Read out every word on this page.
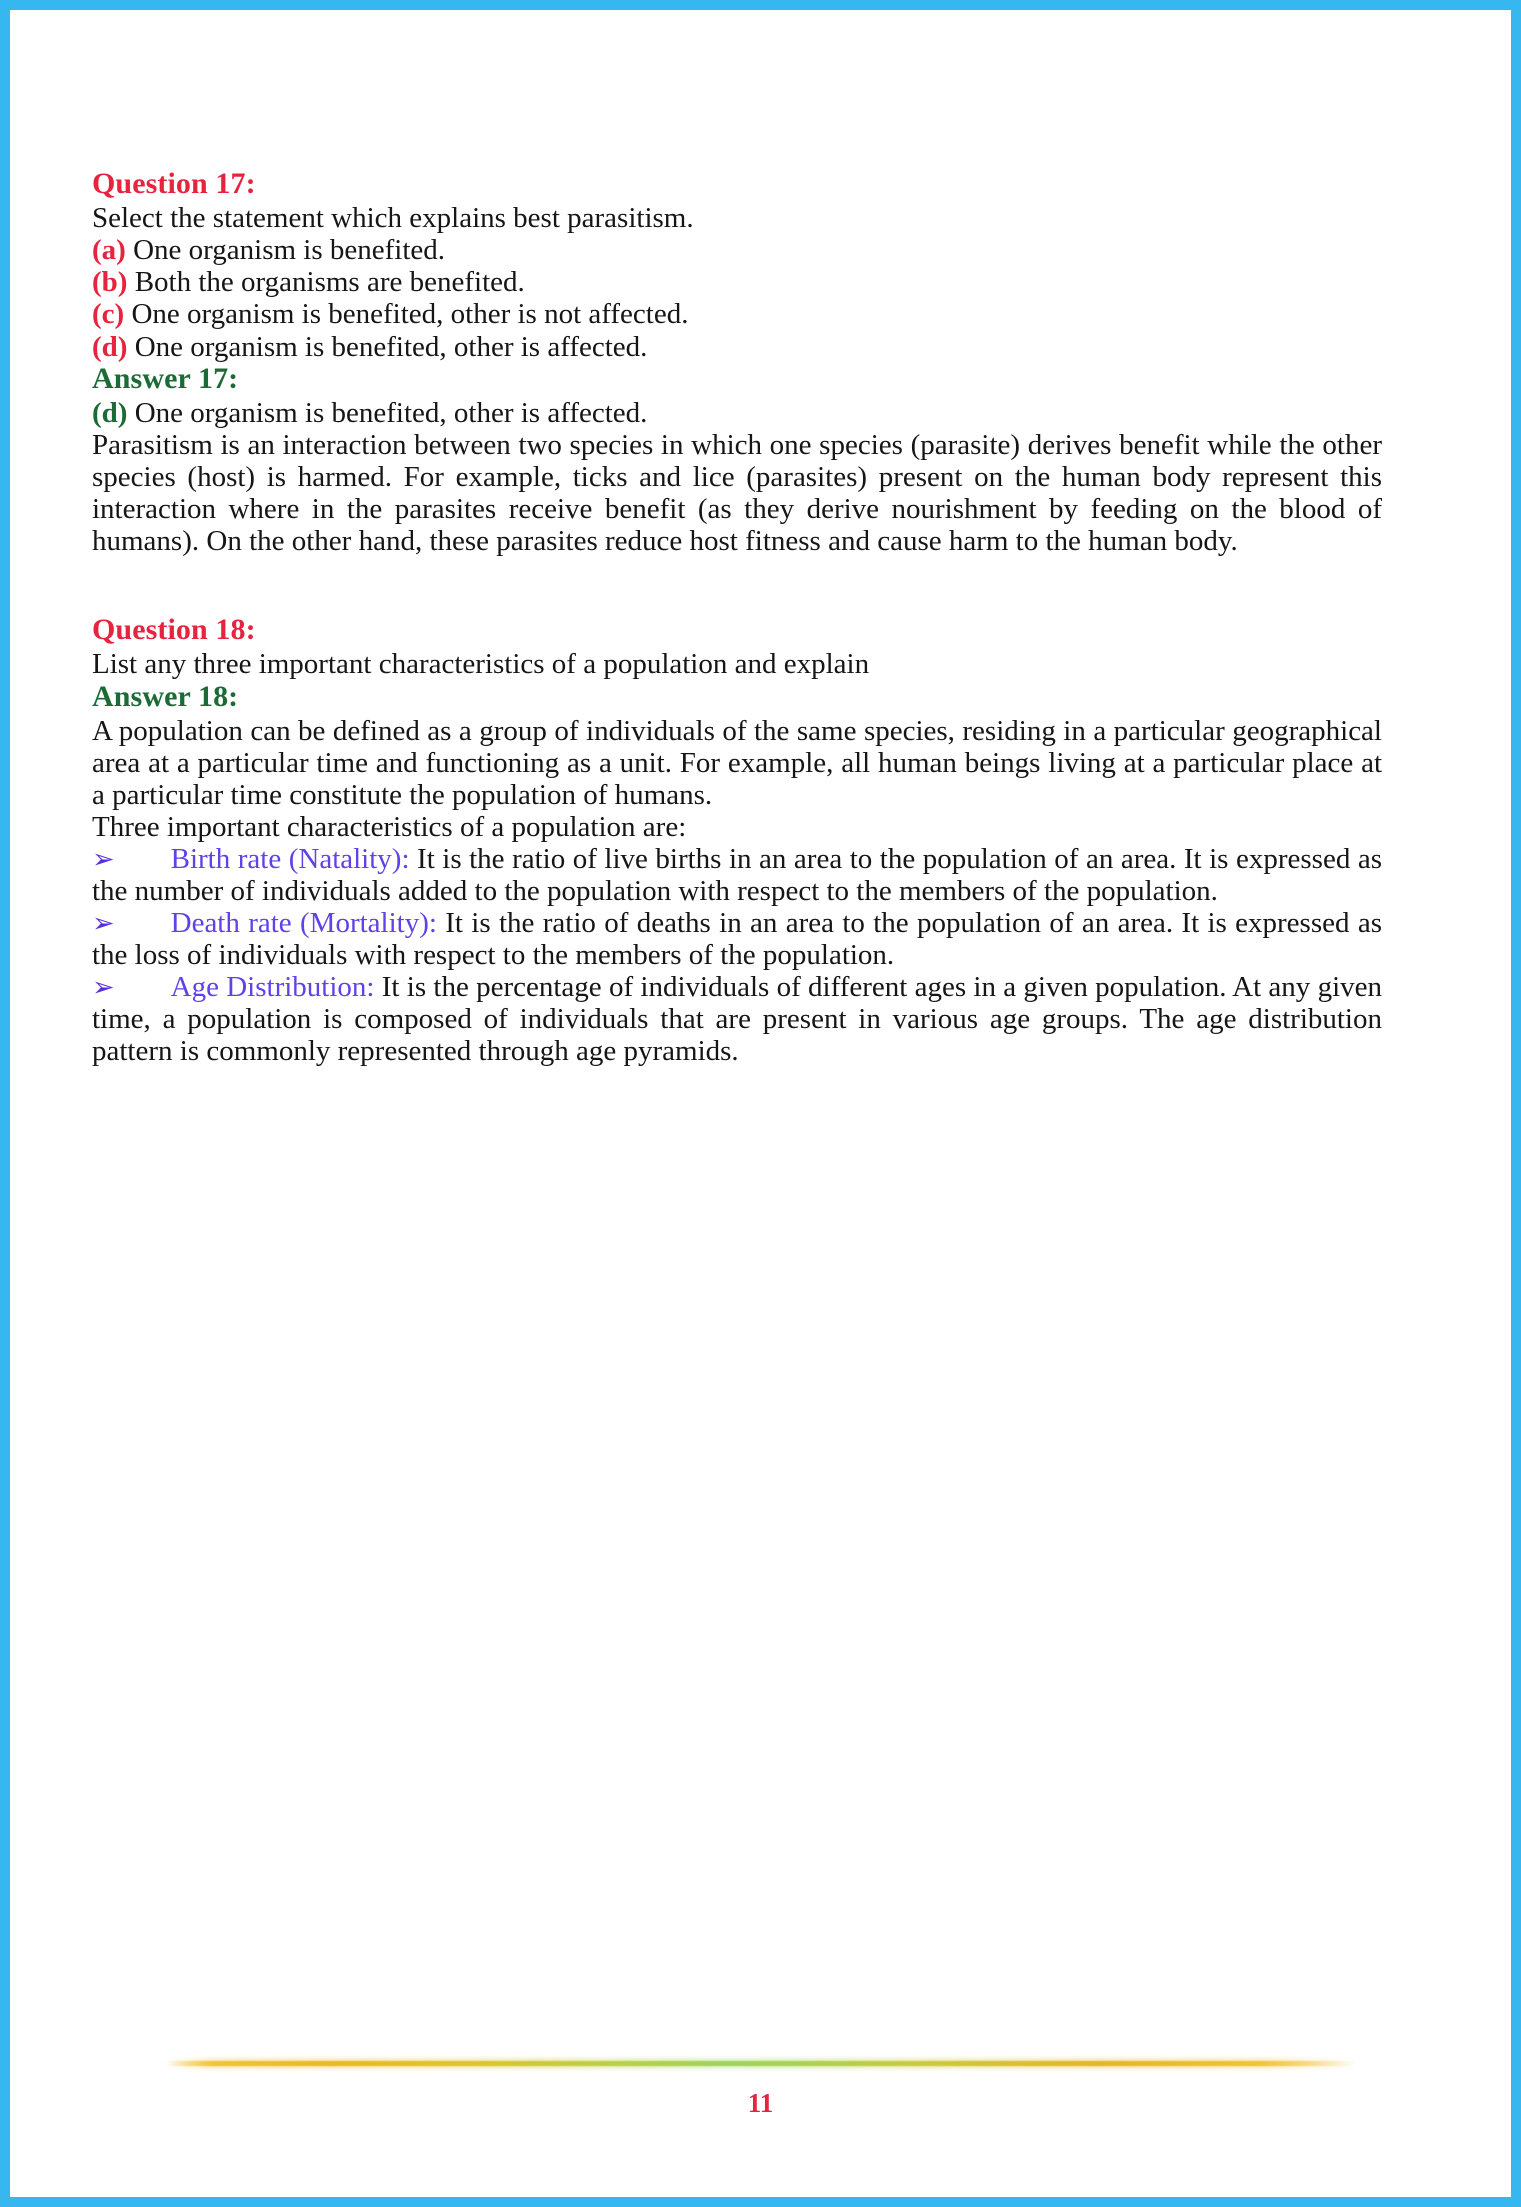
Question 17:

Select the statement which explains best parasitism.

(a) One organism is benefited.

(b) Both the organisms are benefited.

(c) One organism is benefited, other is not affected.

(d) One organism is benefited, other is affected.

Answer 17:

(d) One organism is benefited, other is affected.

Parasitism is an interaction between two species in which one species (parasite) derives benefit while the other species (host) is harmed. For example, ticks and lice (parasites) present on the human body represent this interaction where in the parasites receive benefit (as they derive nourishment by feeding on the blood of humans). On the other hand, these parasites reduce host fitness and cause harm to the human body.

Question 18:

List any three important characteristics of a population and explain

Answer 18:

A population can be defined as a group of individuals of the same species, residing in a particular geographical area at a particular time and functioning as a unit. For example, all human beings living at a particular place at a particular time constitute the population of humans.

Three important characteristics of a population are:

➢ Birth rate (Natality): It is the ratio of live births in an area to the population of an area. It is expressed as the number of individuals added to the population with respect to the members of the population.

➢ Death rate (Mortality): It is the ratio of deaths in an area to the population of an area. It is expressed as the loss of individuals with respect to the members of the population.

➢ Age Distribution: It is the percentage of individuals of different ages in a given population. At any given time, a population is composed of individuals that are present in various age groups. The age distribution pattern is commonly represented through age pyramids.

11
